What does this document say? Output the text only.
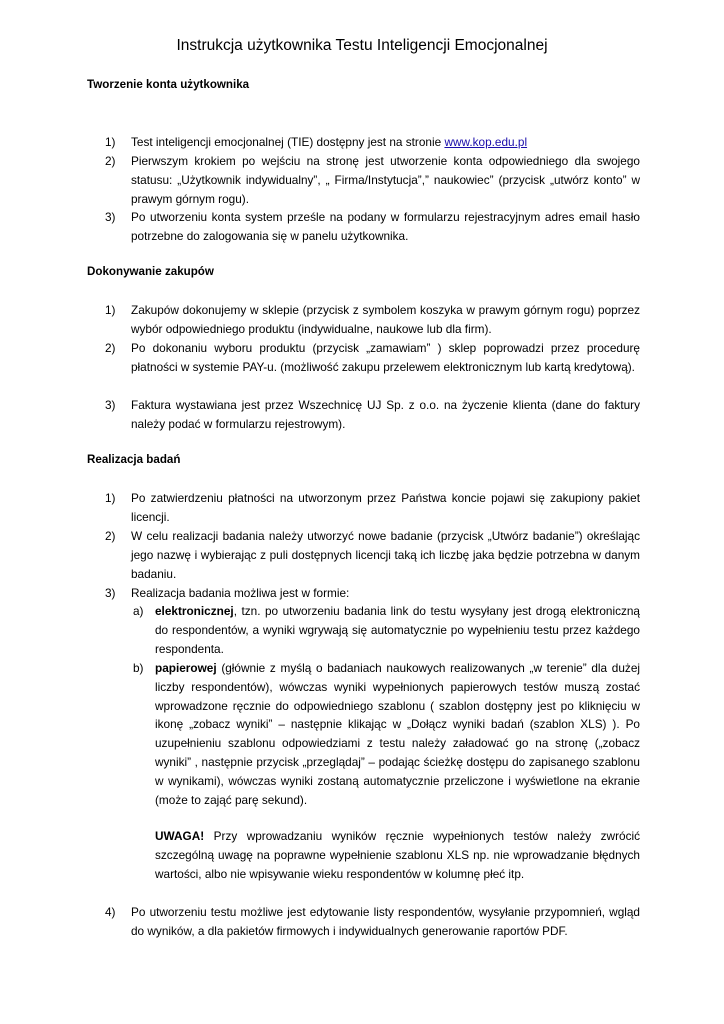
Instrukcja użytkownika Testu Inteligencji Emocjonalnej
Tworzenie konta użytkownika
1) Test inteligencji emocjonalnej (TIE) dostępny jest na stronie www.kop.edu.pl
2) Pierwszym krokiem po wejściu na stronę jest utworzenie konta odpowiedniego dla swojego statusu: „Użytkownik indywidualny”, „ Firma/Instytucja”,” naukowiec” (przycisk „utwórz konto” w prawym górnym rogu).
3) Po utworzeniu konta system prześle na podany w formularzu rejestracyjnym adres email hasło potrzebne do zalogowania się w panelu użytkownika.
Dokonywanie zakupów
1) Zakupów dokonujemy w sklepie (przycisk z symbolem koszyka w prawym górnym rogu) poprzez wybór odpowiedniego produktu (indywidualne, naukowe lub dla firm).
2) Po dokonaniu wyboru produktu (przycisk „zamawiam” ) sklep poprowadzi przez procedurę płatności w systemie PAY-u. (możliwość zakupu przelewem elektronicznym lub kartą kredytową).
3) Faktura wystawiana jest przez Wszechnicę UJ Sp. z o.o. na życzenie klienta (dane do faktury należy podać w formularzu rejestrowym).
Realizacja badań
1) Po zatwierdzeniu płatności na utworzonym przez Państwa koncie pojawi się zakupiony pakiet licencji.
2) W celu realizacji badania należy utworzyć nowe badanie (przycisk „Utwórz badanie”) określając jego nazwę i wybierając z puli dostępnych licencji taką ich liczbę jaka będzie potrzebna w danym badaniu.
3) Realizacja badania możliwa jest w formie:
a) elektronicznej, tzn. po utworzeniu badania link do testu wysyłany jest drogą elektroniczną do respondentów, a wyniki wgrywają się automatycznie po wypełnieniu testu przez każdego respondenta.
b) papierowej (głównie z myślą o badaniach naukowych realizowanych „w terenie” dla dużej liczby respondentów), wówczas wyniki wypełnionych papierowych testów muszą zostać wprowadzone ręcznie do odpowiedniego szablonu ( szablon dostępny jest po kliknięciu w ikonę „zobacz wyniki” – następnie klikając w „Dołącz wyniki badań (szablon XLS) ). Po uzupełnieniu szablonu odpowiedziami z testu należy załadować go na stronę („zobacz wyniki” , następnie przycisk „przeglądaj” – podając ścieżkę dostępu do zapisanego szablonu w wynikami), wówczas wyniki zostaną automatycznie przeliczone i wyświetlone na ekranie (może to zająć parę sekund).
UWAGA! Przy wprowadzaniu wyników ręcznie wypełnionych testów należy zwrócić szczególną uwagę na poprawne wypełnienie szablonu XLS np. nie wprowadzanie błędnych wartości, albo nie wpisywanie wieku respondentów w kolumnę płeć itp.
4) Po utworzeniu testu możliwe jest edytowanie listy respondentów, wysyłanie przypomnień, wgląd do wyników, a dla pakietów firmowych i indywidualnych generowanie raportów PDF.
